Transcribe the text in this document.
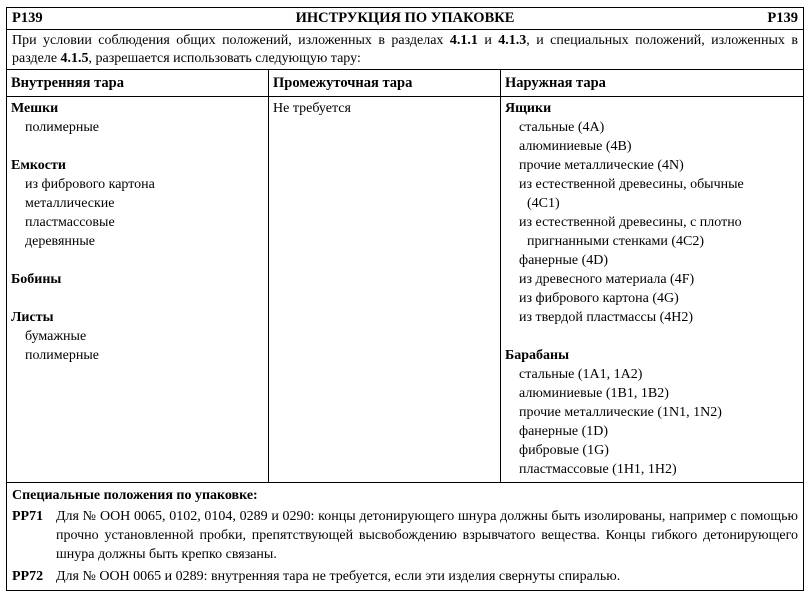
Р139	ИНСТРУКЦИЯ ПО УПАКОВКЕ	Р139
При условии соблюдения общих положений, изложенных в разделах 4.1.1 и 4.1.3, и специальных положений, изложенных в разделе 4.1.5, разрешается использовать следующую тару:
Внутренняя тара
Мешки
полимерные
Емкости
из фибрового картона
металлические
пластмассовые
деревянные
Бобины
Листы
бумажные
полимерные
Промежуточная тара
Не требуется
Наружная тара
Ящики
стальные (4A)
алюминиевые (4B)
прочие металлические (4N)
из естественной древесины, обычные
(4C1)
из естественной древесины, с плотно
пригнанными стенками (4C2)
фанерные (4D)
из древесного материала (4F)
из фибрового картона (4G)
из твердой пластмассы (4H2)
Барабаны
стальные (1A1, 1A2)
алюминиевые (1B1, 1B2)
прочие металлические (1N1, 1N2)
фанерные (1D)
фибровые (1G)
пластмассовые (1H1, 1H2)
Специальные положения по упаковке:
PP71 Для № ООН 0065, 0102, 0104, 0289 и 0290: концы детонирующего шнура должны быть изолированы, например с помощью прочно установленной пробки, препятствующей высвобождению взрывчатого вещества. Концы гибкого детонирующего шнура должны быть крепко связаны.
PP72 Для № ООН 0065 и 0289: внутренняя тара не требуется, если эти изделия свернуты спиралью.
